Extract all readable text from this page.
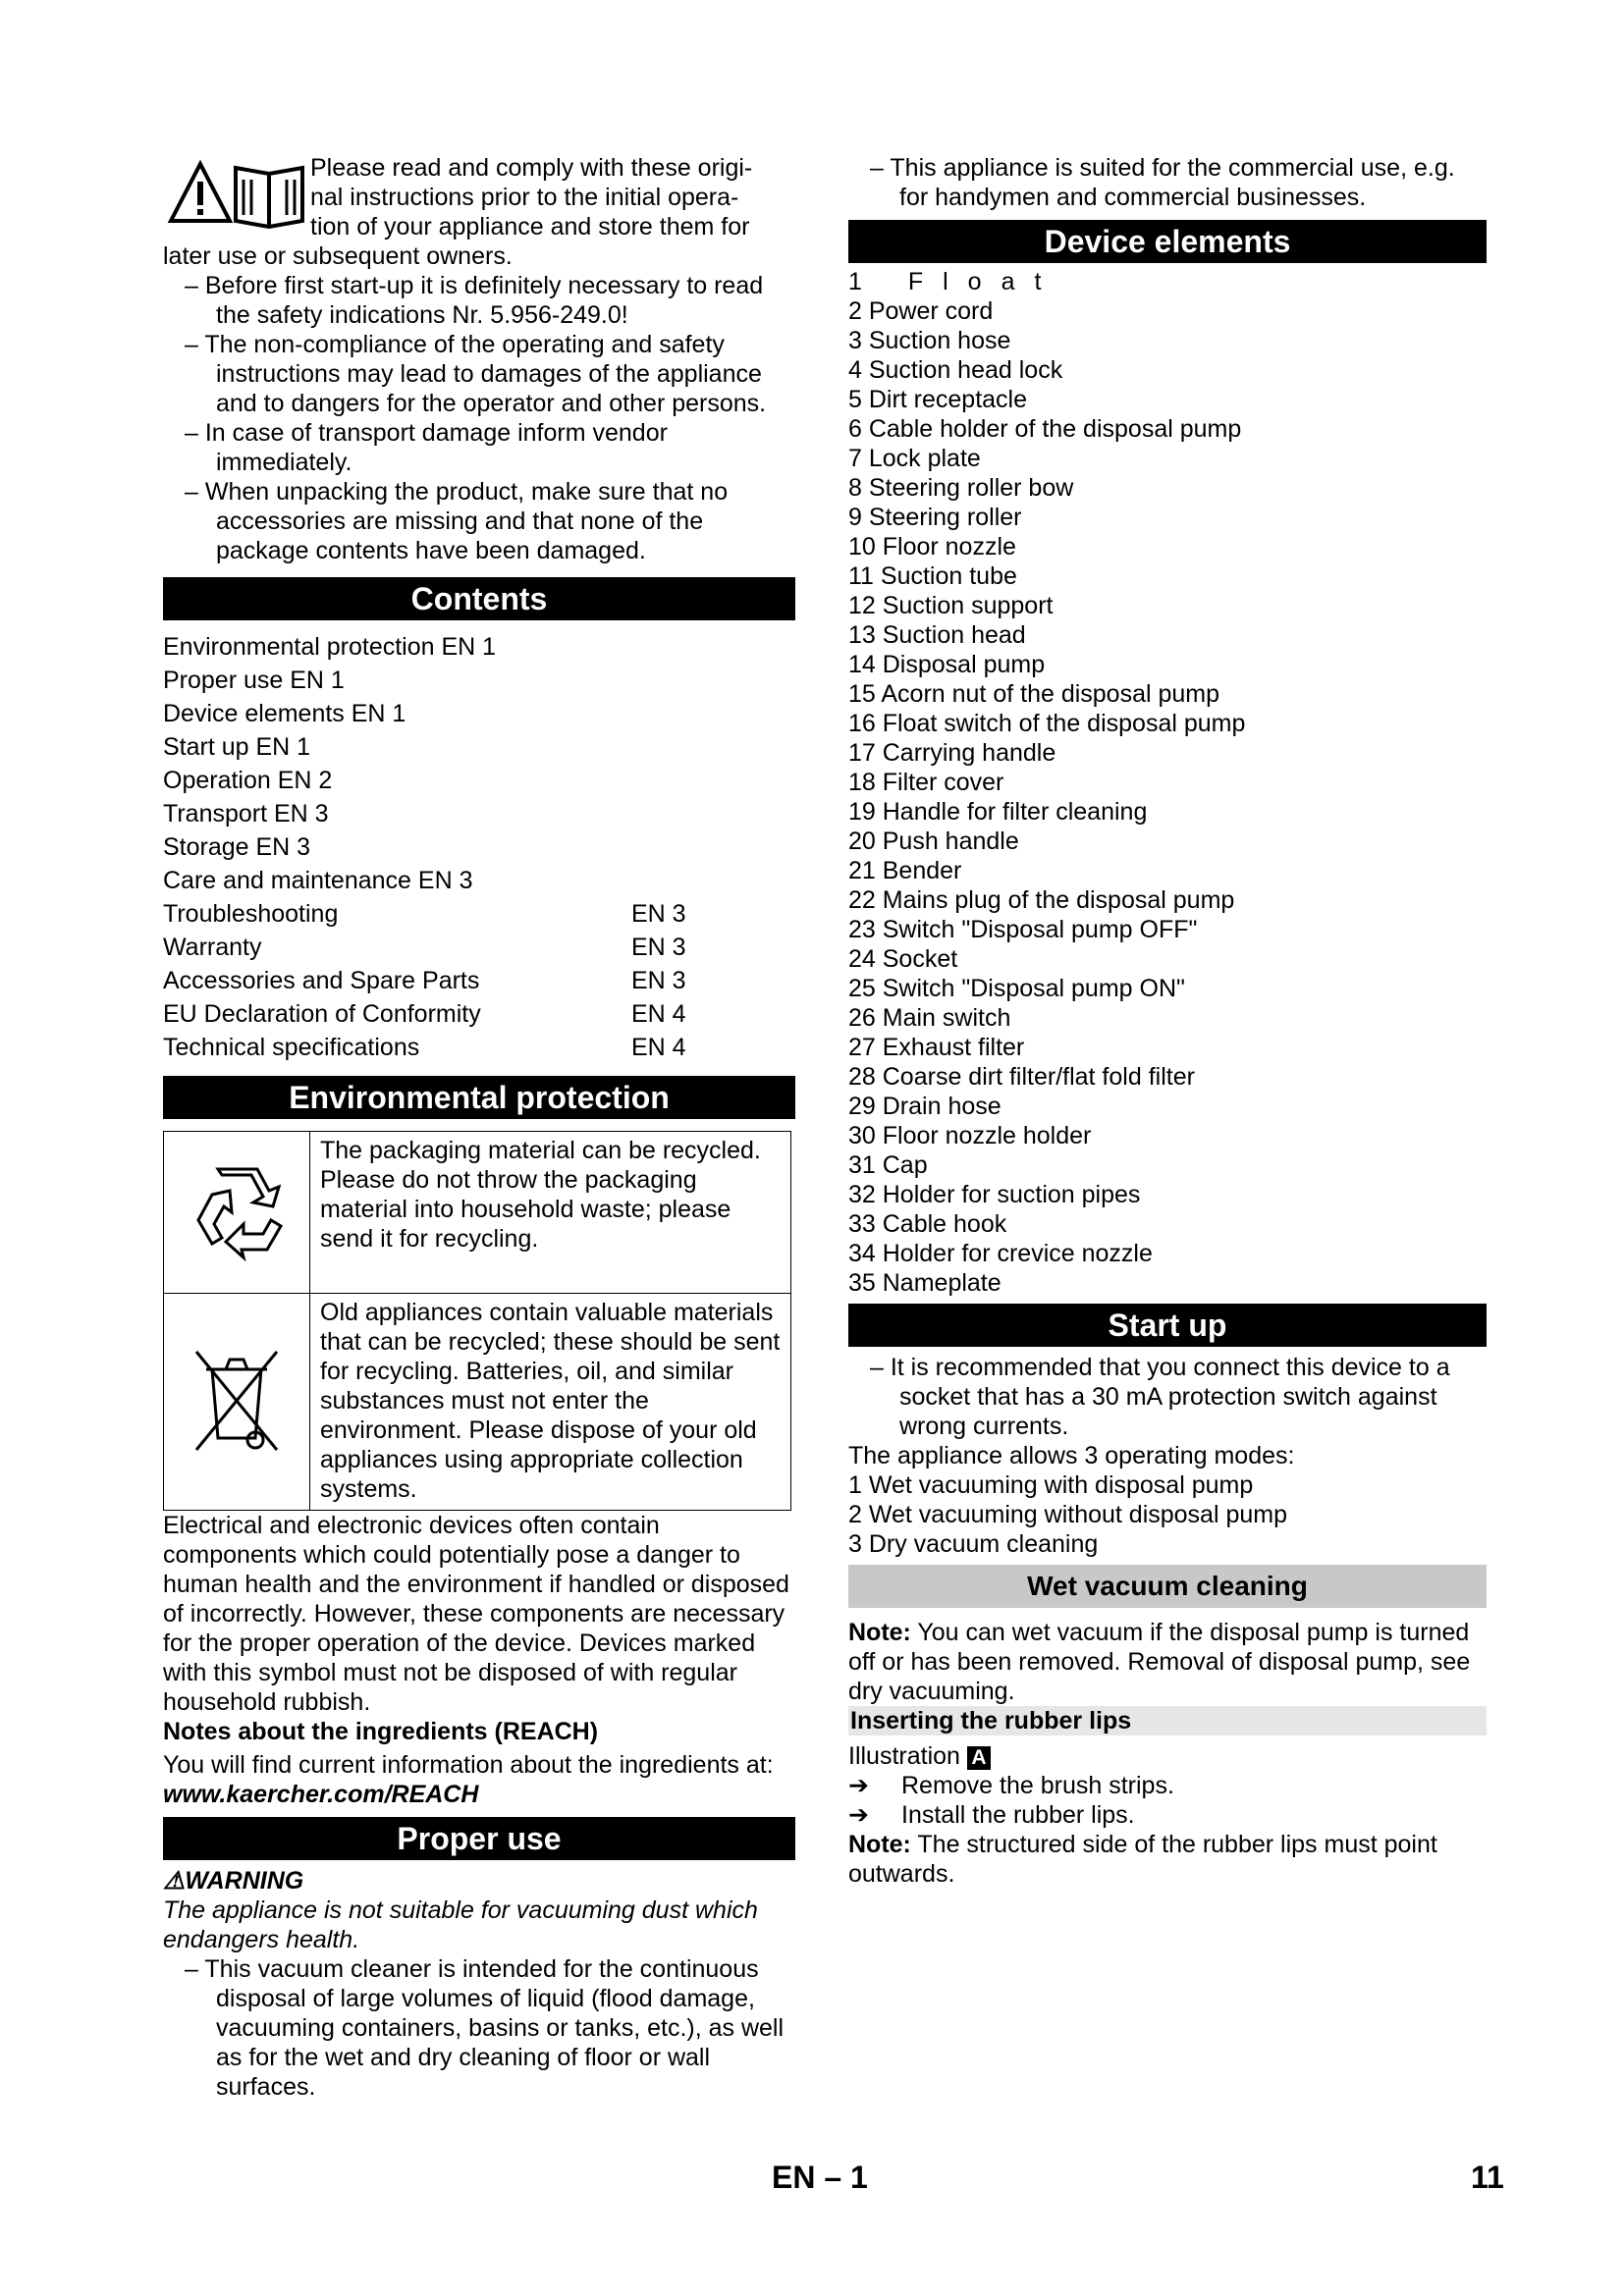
Please read and comply with these origi-
nal instructions prior to the initial opera-
tion of your appliance and store them for
later use or subsequent owners.
– Before first start-up it is definitely necessary to read the safety indications Nr. 5.956-249.0!
– The non-compliance of the operating and safety instructions may lead to damages of the appliance and to dangers for the operator and other persons.
– In case of transport damage inform vendor immediately.
– When unpacking the product, make sure that no accessories are missing and that none of the package contents have been damaged.
Contents
Environmental protection EN 1
Proper use EN 1
Device elements EN 1
Start up EN 1
Operation EN 2
Transport EN 3
Storage EN 3
Care and maintenance EN 3
Troubleshooting	EN 3
Warranty	EN 3
Accessories and Spare Parts	EN 3
EU Declaration of Conformity	EN 4
Technical specifications	EN 4
Environmental protection
	The packaging material can be recycled. Please do not throw the packaging material into household waste; please send it for recycling.
	Old appliances contain valuable materials that can be recycled; these should be sent for recycling. Batteries, oil, and similar substances must not enter the environment. Please dispose of your old appliances using appropriate collection systems.
Electrical and electronic devices often contain components which could potentially pose a danger to human health and the environment if handled or disposed of incorrectly. However, these components are necessary for the proper operation of the device. Devices marked with this symbol must not be disposed of with regular household rubbish.
Notes about the ingredients (REACH)
You will find current information about the ingredients at:
www.kaercher.com/REACH
Proper use
⚠WARNING
The appliance is not suitable for vacuuming dust which endangers health.
– This vacuum cleaner is intended for the continuous disposal of large volumes of liquid (flood damage, vacuuming containers, basins or tanks, etc.), as well as for the wet and dry cleaning of floor or wall surfaces.
– This appliance is suited for the commercial use, e.g. for handymen and commercial businesses.
Device elements
1 Float
2 Power cord
3 Suction hose
4 Suction head lock
5 Dirt receptacle
6 Cable holder of the disposal pump
7 Lock plate
8 Steering roller bow
9 Steering roller
10 Floor nozzle
11 Suction tube
12 Suction support
13 Suction head
14 Disposal pump
15 Acorn nut of the disposal pump
16 Float switch of the disposal pump
17 Carrying handle
18 Filter cover
19 Handle for filter cleaning
20 Push handle
21 Bender
22 Mains plug of the disposal pump
23 Switch "Disposal pump OFF"
24 Socket
25 Switch "Disposal pump ON"
26 Main switch
27 Exhaust filter
28 Coarse dirt filter/flat fold filter
29 Drain hose
30 Floor nozzle holder
31 Cap
32 Holder for suction pipes
33 Cable hook
34 Holder for crevice nozzle
35 Nameplate
Start up
– It is recommended that you connect this device to a socket that has a 30 mA protection switch against wrong currents.
The appliance allows 3 operating modes:
1 Wet vacuuming with disposal pump
2 Wet vacuuming without disposal pump
3 Dry vacuum cleaning
Wet vacuum cleaning
Note: You can wet vacuum if the disposal pump is turned off or has been removed. Removal of disposal pump, see dry vacuuming.
Inserting the rubber lips
Illustration A
➔	Remove the brush strips.
➔	Install the rubber lips.
Note: The structured side of the rubber lips must point outwards.
EN – 1	11
